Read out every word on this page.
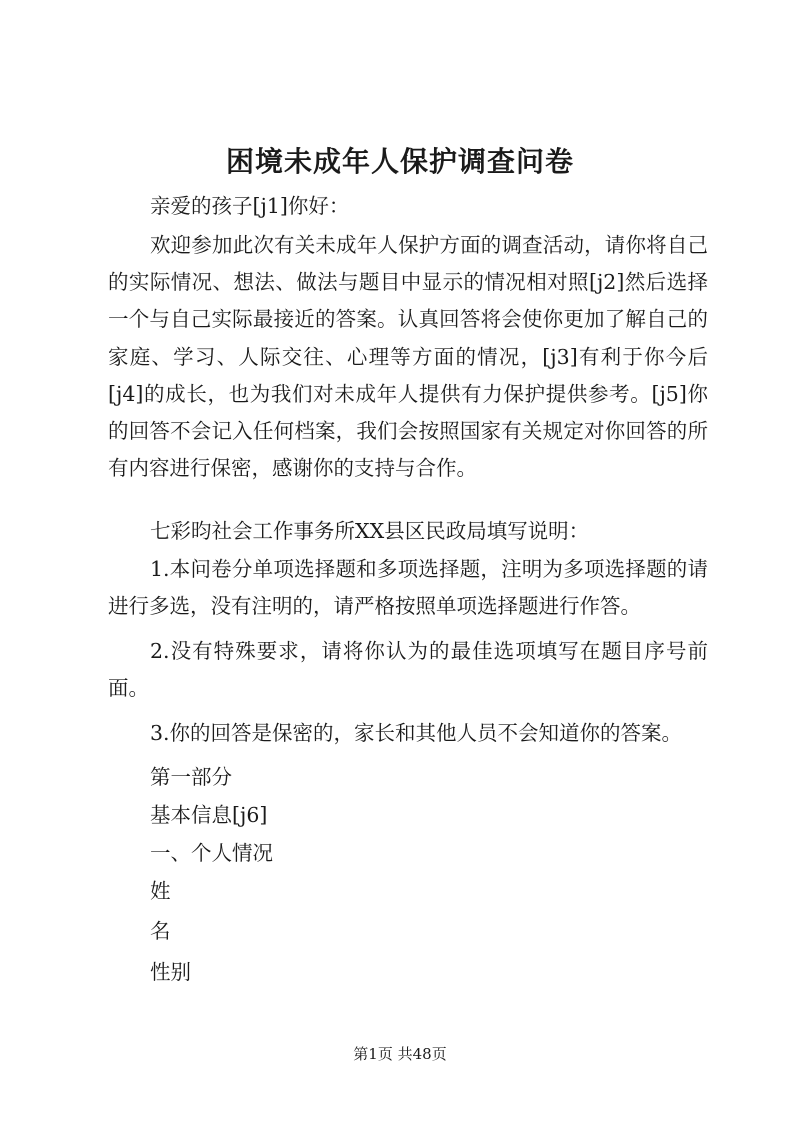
困境未成年人保护调查问卷
亲爱的孩子[j1]你好：

欢迎参加此次有关未成年人保护方面的调查活动，请你将自己的实际情况、想法、做法与题目中显示的情况相对照[j2]然后选择一个与自己实际最接近的答案。认真回答将会使你更加了解自己的家庭、学习、人际交往、心理等方面的情况，[j3]有利于你今后[j4]的成长，也为我们对未成年人提供有力保护提供参考。[j5]你的回答不会记入任何档案，我们会按照国家有关规定对你回答的所有内容进行保密，感谢你的支持与合作。

七彩昀社会工作事务所XX县区民政局填写说明：

1.本问卷分单项选择题和多项选择题，注明为多项选择题的请进行多选，没有注明的，请严格按照单项选择题进行作答。

2.没有特殊要求，请将你认为的最佳选项填写在题目序号前面。

3.你的回答是保密的，家长和其他人员不会知道你的答案。

第一部分
基本信息[j6]
一、个人情况
姓
名
性别
第1页 共48页
